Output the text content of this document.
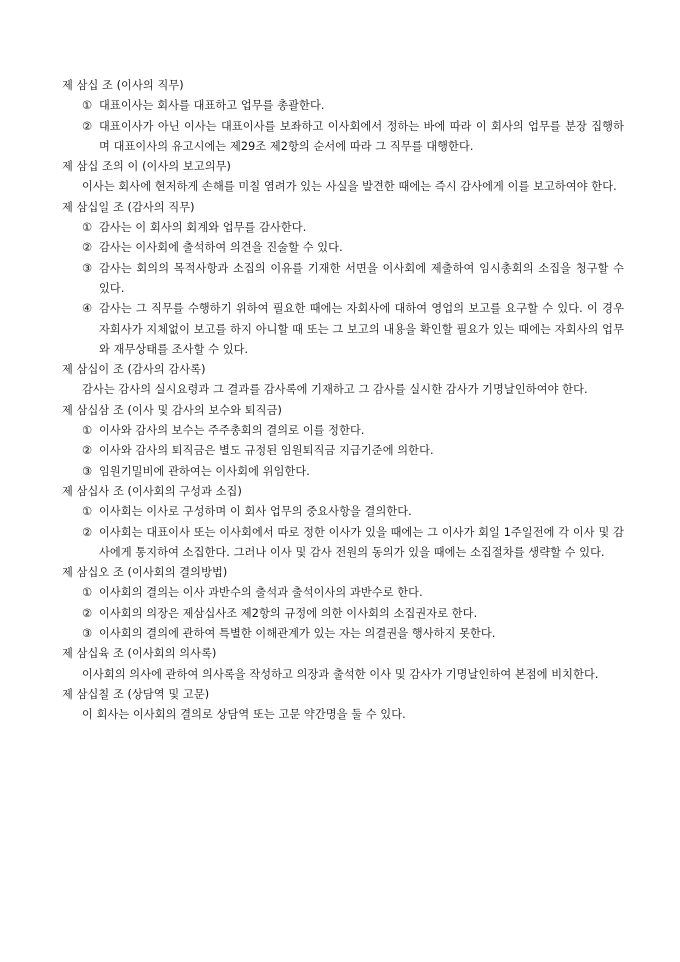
제 삼십 조 (이사의 직무)
① 대표이사는 회사를 대표하고 업무를 총괄한다.
② 대표이사가 아닌 이사는 대표이사를 보좌하고 이사회에서 정하는 바에 따라 이 회사의 업무를 분장 집행하며 대표이사의 유고시에는 제29조 제2항의 순서에 따라 그 직무를 대행한다.
제 삼십 조의 이 (이사의 보고의무)
이사는 회사에 현저하게 손해를 미칠 염려가 있는 사실을 발견한 때에는 즉시 감사에게 이를 보고하여야 한다.
제 삼십일 조 (감사의 직무)
① 감사는 이 회사의 회계와 업무를 감사한다.
② 감사는 이사회에 출석하여 의견을 진술할 수 있다.
③ 감사는 회의의 목적사항과 소집의 이유를 기재한 서면을 이사회에 제출하여 임시총회의 소집을 청구할 수 있다.
④ 감사는 그 직무를 수행하기 위하여 필요한 때에는 자회사에 대하여 영업의 보고를 요구할 수 있다. 이 경우 자회사가 지체없이 보고를 하지 아니할 때 또는 그 보고의 내용을 확인할 필요가 있는 때에는 자회사의 업무와 재무상태를 조사할 수 있다.
제 삼십이 조 (감사의 감사록)
감사는 감사의 실시요령과 그 결과를 감사록에 기재하고 그 감사를 실시한 감사가 기명날인하여야 한다.
제 삼십삼 조 (이사 및 감사의 보수와 퇴직금)
① 이사와 감사의 보수는 주주총회의 결의로 이를 정한다.
② 이사와 감사의 퇴직금은 별도 규정된 임원퇴직금 지급기준에 의한다.
③ 임원기밀비에 관하여는 이사회에 위임한다.
제 삼십사 조 (이사회의 구성과 소집)
① 이사회는 이사로 구성하며 이 회사 업무의 중요사항을 결의한다.
② 이사회는 대표이사 또는 이사회에서 따로 정한 이사가 있을 때에는 그 이사가 회일 1주일전에 각 이사 및 감사에게 통지하여 소집한다. 그러나 이사 및 감사 전원의 동의가 있을 때에는 소집절차를 생략할 수 있다.
제 삼십오 조 (이사회의 결의방법)
① 이사회의 결의는 이사 과반수의 출석과 출석이사의 과반수로 한다.
② 이사회의 의장은 제삼십사조 제2항의 규정에 의한 이사회의 소집권자로 한다.
③ 이사회의 결의에 관하여 특별한 이해관계가 있는 자는 의결권을 행사하지 못한다.
제 삼십육 조 (이사회의 의사록)
이사회의 의사에 관하여 의사록을 작성하고 의장과 출석한 이사 및 감사가 기명날인하여 본점에 비치한다.
제 삼십칠 조 (상담역 및 고문)
이 회사는 이사회의 결의로 상담역 또는 고문 약간명을 둘 수 있다.
